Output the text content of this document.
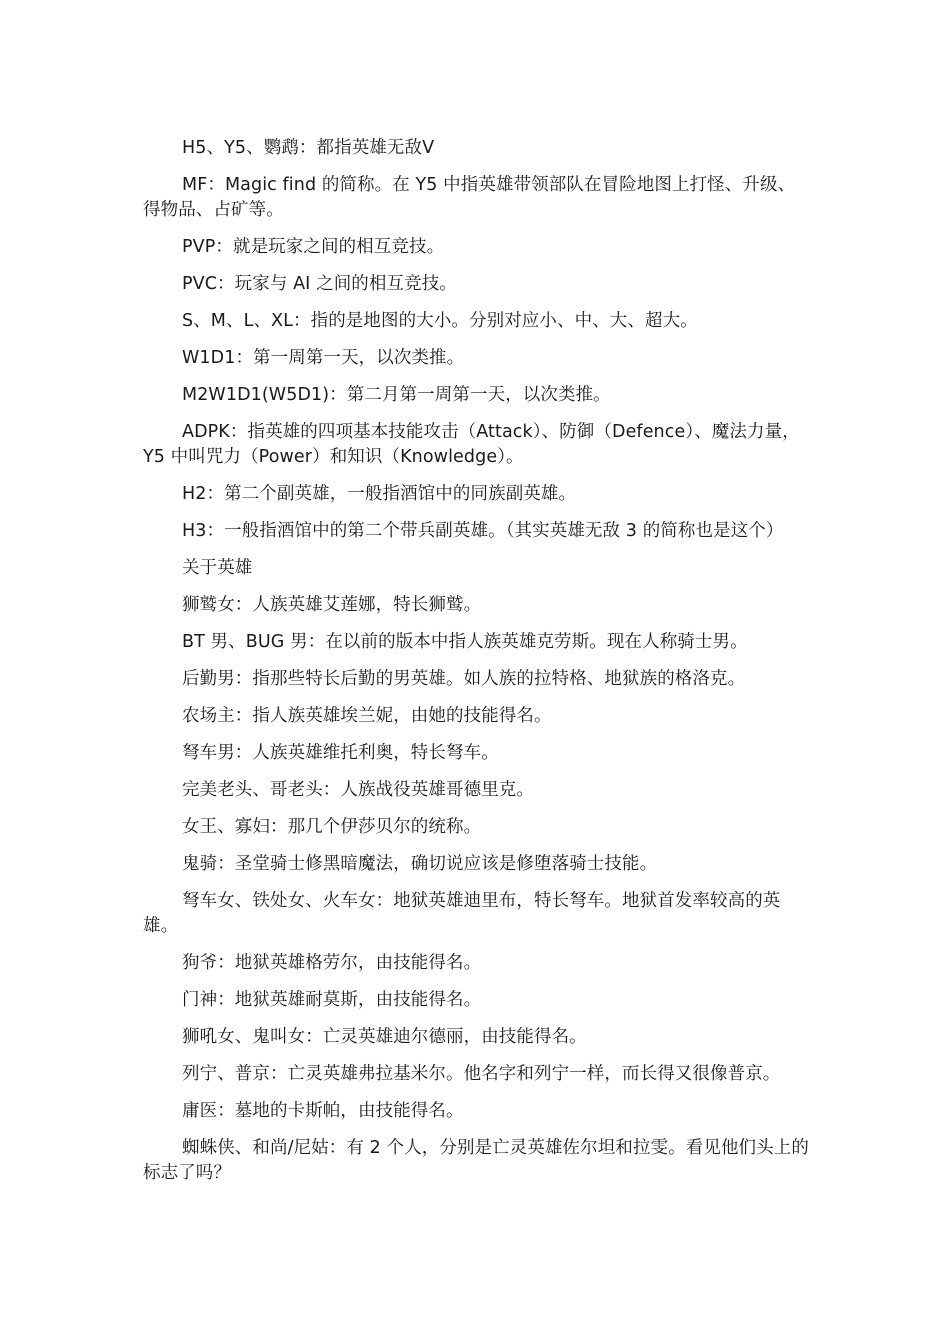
H5、Y5、鹦鹉：都指英雄无敌Ⅴ

MF：Magic find 的简称。在 Y5 中指英雄带领部队在冒险地图上打怪、升级、得物品、占矿等。

PVP：就是玩家之间的相互竞技。

PVC：玩家与 AI 之间的相互竞技。

S、M、L、XL：指的是地图的大小。分别对应小、中、大、超大。

W1D1：第一周第一天，以次类推。

M2W1D1(W5D1)：第二月第一周第一天，以次类推。

ADPK：指英雄的四项基本技能攻击（Attack）、防御（Defence）、魔法力量，Y5 中叫咒力（Power）和知识（Knowledge）。

H2：第二个副英雄，一般指酒馆中的同族副英雄。

H3：一般指酒馆中的第二个带兵副英雄。（其实英雄无敌 3 的简称也是这个）

关于英雄

狮鹫女：人族英雄艾莲娜，特长狮鹫。

BT 男、BUG 男：在以前的版本中指人族英雄克劳斯。现在人称骑士男。

后勤男：指那些特长后勤的男英雄。如人族的拉特格、地狱族的格洛克。

农场主：指人族英雄埃兰妮，由她的技能得名。

弩车男：人族英雄维托利奥，特长弩车。

完美老头、哥老头：人族战役英雄哥德里克。

女王、寡妇：那几个伊莎贝尔的统称。

鬼骑：圣堂骑士修黑暗魔法，确切说应该是修堕落骑士技能。

弩车女、铁处女、火车女：地狱英雄迪里布，特长弩车。地狱首发率较高的英雄。

狗爷：地狱英雄格劳尔，由技能得名。

门神：地狱英雄耐莫斯，由技能得名。

狮吼女、鬼叫女：亡灵英雄迪尔德丽，由技能得名。

列宁、普京：亡灵英雄弗拉基米尔。他名字和列宁一样，而长得又很像普京。

庸医：墓地的卡斯帕，由技能得名。

蜘蛛侠、和尚/尼姑：有 2 个人，分别是亡灵英雄佐尔坦和拉雯。看见他们头上的标志了吗？
